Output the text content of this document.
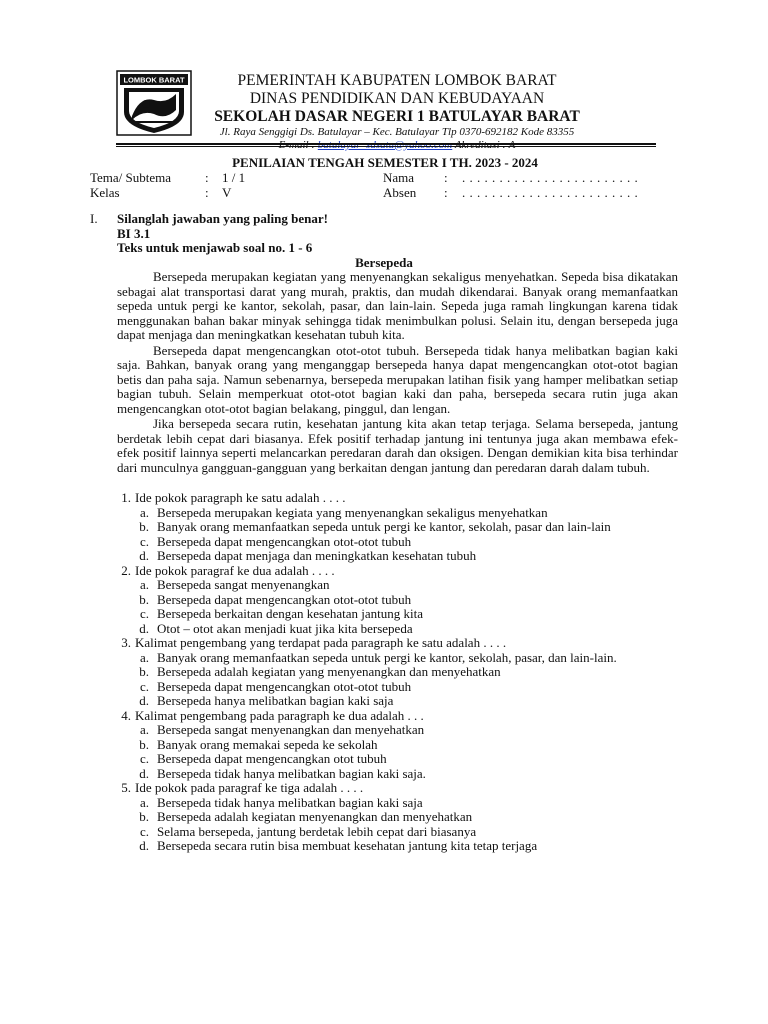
LOMBOK BARAT	PEMERINTAH KABUPATEN LOMBOK BARAT
DINAS PENDIDIKAN DAN KEBUDAYAAN
SEKOLAH DASAR NEGERI 1 BATULAYAR BARAT
Jl. Raya Senggigi Ds. Batulayar – Kec. Batulayar Tlp 0370-692182 Kode 83355
E-mail : batulayar_sdsatu@yahoo.com Akreditasi : A
PENILAIAN TENGAH SEMESTER I TH. 2023 - 2024
Tema/ Subtema	: 1 / 1
Kelas	: V
Nama : . . . . . . . . . . . . . . . . . . . . . . . .
Absen : . . . . . . . . . . . . . . . . . . . . . . . .
I.	Silanglah jawaban yang paling benar!
BI 3.1
Teks untuk menjawab soal no. 1 - 6
Bersepeda

Bersepeda merupakan kegiatan yang menyenangkan sekaligus menyehatkan. Sepeda bisa dikatakan sebagai alat transportasi darat yang murah, praktis, dan mudah dikendarai. Banyak orang memanfaatkan sepeda untuk pergi ke kantor, sekolah, pasar, dan lain-lain. Sepeda juga ramah lingkungan karena tidak menggunakan bahan bakar minyak sehingga tidak menimbulkan polusi. Selain itu, dengan bersepeda juga dapat menjaga dan meningkatkan kesehatan tubuh kita.

Bersepeda dapat mengencangkan otot-otot tubuh. Bersepeda tidak hanya melibatkan bagian kaki saja. Bahkan, banyak orang yang menganggap bersepeda hanya dapat mengencangkan otot-otot bagian betis dan paha saja. Namun sebenarnya, bersepeda merupakan latihan fisik yang hamper melibatkan setiap bagian tubuh. Selain memperkuat otot-otot bagian kaki dan paha, bersepeda secara rutin juga akan mengencangkan otot-otot bagian belakang, pinggul, dan lengan.

Jika bersepeda secara rutin, kesehatan jantung kita akan tetap terjaga. Selama bersepeda, jantung berdetak lebih cepat dari biasanya. Efek positif terhadap jantung ini tentunya juga akan membawa efek-efek positif lainnya seperti melancarkan peredaran darah dan oksigen. Dengan demikian kita bisa terhindar dari munculnya gangguan-gangguan yang berkaitan dengan jantung dan peredaran darah dalam tubuh.

1. Ide pokok paragraph ke satu adalah . . . .
a. Bersepeda merupakan kegiata yang menyenangkan sekaligus menyehatkan
b. Banyak orang memanfaatkan sepeda untuk pergi ke kantor, sekolah, pasar dan lain-lain
c. Bersepeda dapat mengencangkan otot-otot tubuh
d. Bersepeda dapat menjaga dan meningkatkan kesehatan tubuh
2. Ide pokok paragraf ke dua adalah . . . .
a. Bersepeda sangat menyenangkan
b. Bersepeda dapat mengencangkan otot-otot tubuh
c. Bersepeda berkaitan dengan kesehatan jantung kita
d. Otot – otot akan menjadi kuat jika kita bersepeda
3. Kalimat pengembang yang terdapat pada paragraph ke satu adalah . . . .
a. Banyak orang memanfaatkan sepeda untuk pergi ke kantor, sekolah, pasar, dan lain-lain.
b. Bersepeda adalah kegiatan yang menyenangkan dan menyehatkan
c. Bersepeda dapat mengencangkan otot-otot tubuh
d. Bersepeda hanya melibatkan bagian kaki saja
4. Kalimat pengembang pada paragraph ke dua adalah . . .
a. Bersepeda sangat menyenangkan dan menyehatkan
b. Banyak orang memakai sepeda ke sekolah
c. Bersepeda dapat mengencangkan otot tubuh
d. Bersepeda tidak hanya melibatkan bagian kaki saja.
5. Ide pokok pada paragraf ke tiga adalah . . . .
a. Bersepeda tidak hanya melibatkan bagian kaki saja
b. Bersepeda adalah kegiatan menyenangkan dan menyehatkan
c. Selama bersepeda, jantung berdetak lebih cepat dari biasanya
d. Bersepeda secara rutin bisa membuat kesehatan jantung kita tetap terjaga
